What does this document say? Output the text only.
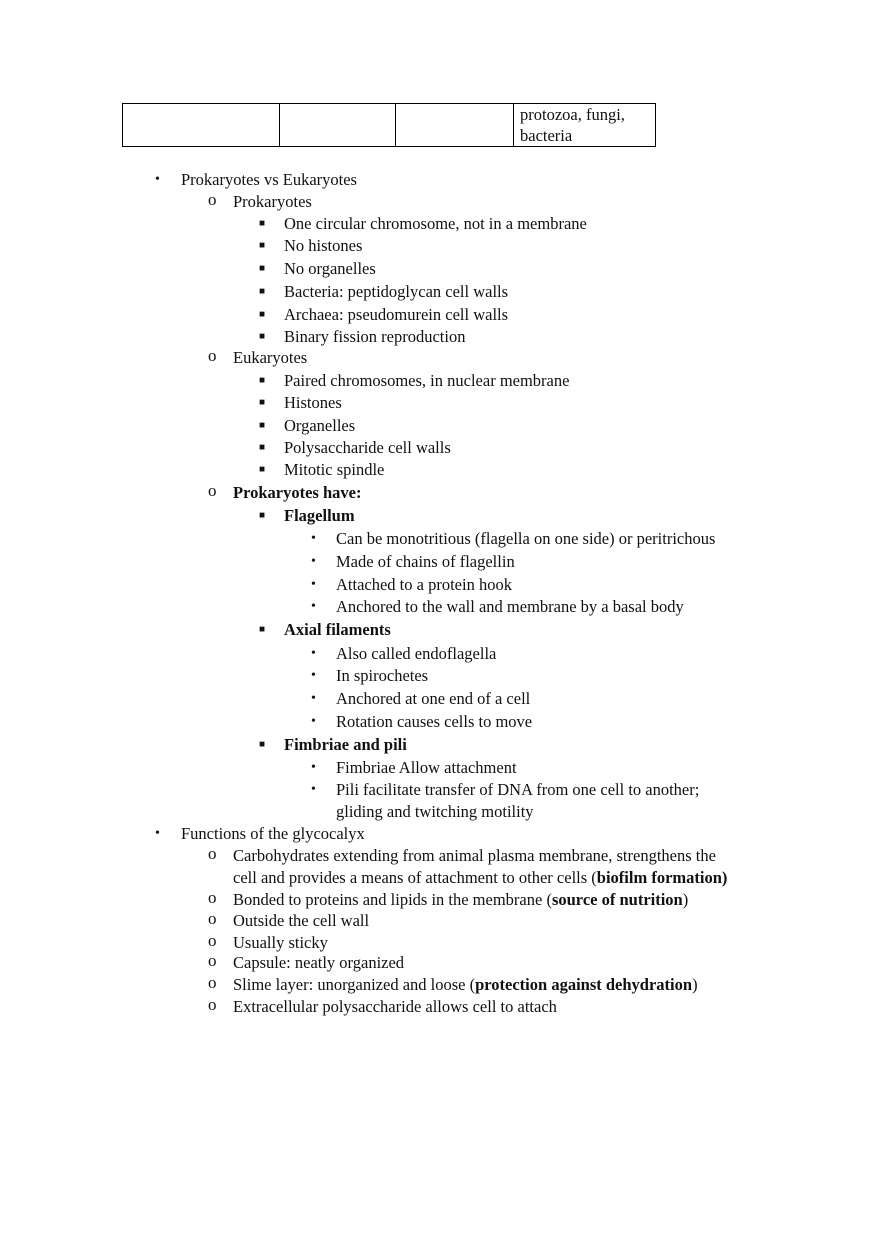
			protozoa, fungi,
bacteria
• Prokaryotes vs Eukaryotes
o Prokaryotes
■ One circular chromosome, not in a membrane
■ No histones
■ No organelles
■ Bacteria: peptidoglycan cell walls
■ Archaea: pseudomurein cell walls
■ Binary fission reproduction
o Eukaryotes
■ Paired chromosomes, in nuclear membrane
■ Histones
■ Organelles
■ Polysaccharide cell walls
■ Mitotic spindle
o Prokaryotes have:
■ Flagellum
• Can be monotritious (flagella on one side) or peritrichous
• Made of chains of flagellin
• Attached to a protein hook
• Anchored to the wall and membrane by a basal body
■ Axial filaments
• Also called endoflagella
• In spirochetes
• Anchored at one end of a cell
• Rotation causes cells to move
■ Fimbriae and pili
• Fimbriae Allow attachment
• Pili facilitate transfer of DNA from one cell to another;
gliding and twitching motility
• Functions of the glycocalyx
o Carbohydrates extending from animal plasma membrane, strengthens the
cell and provides a means of attachment to other cells (biofilm formation)
o Bonded to proteins and lipids in the membrane (source of nutrition)
o Outside the cell wall
o Usually sticky
o Capsule: neatly organized
o Slime layer: unorganized and loose (protection against dehydration)
o Extracellular polysaccharide allows cell to attach
